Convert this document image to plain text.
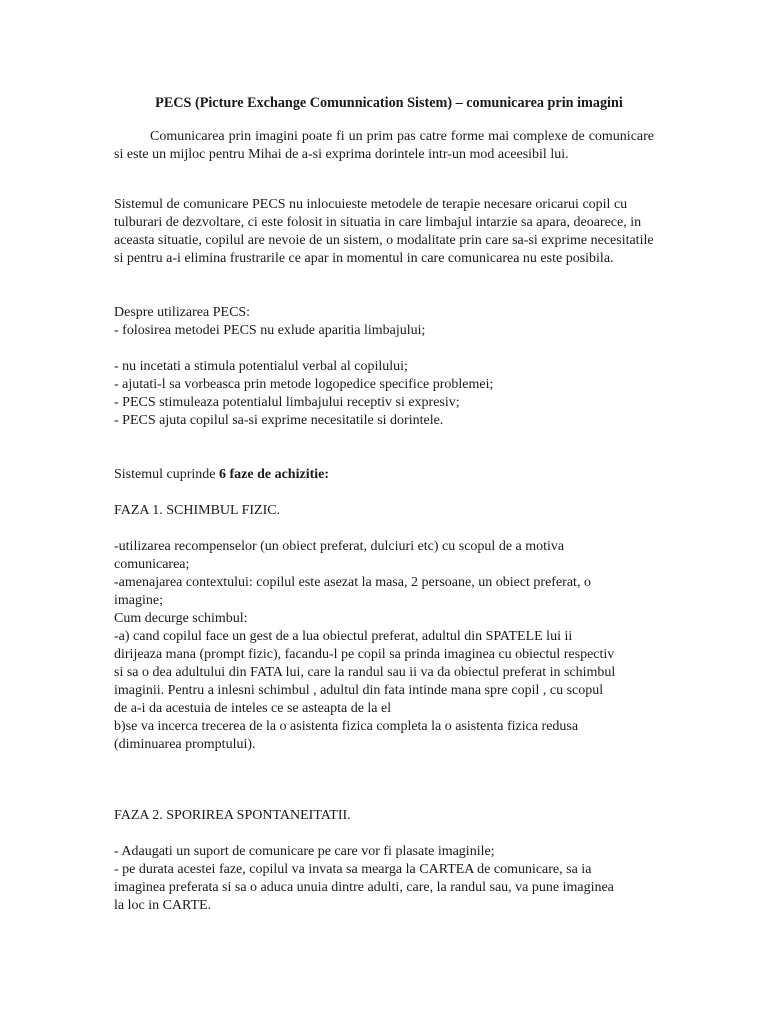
PECS (Picture Exchange Comunnication Sistem) – comunicarea prin imagini
Comunicarea prin imagini poate fi un prim pas catre forme mai complexe de comunicare si este un mijloc pentru Mihai de a-si exprima dorintele intr-un mod aceesibil lui.
Sistemul de comunicare PECS nu inlocuieste metodele de terapie necesare oricarui copil cu tulburari de dezvoltare, ci este folosit in situatia in care limbajul intarzie sa apara, deoarece, in aceasta situatie, copilul are nevoie de un sistem, o modalitate prin care sa-si exprime necesitatile si pentru a-i elimina frustrarile ce apar in momentul in care comunicarea nu este posibila.
Despre utilizarea PECS:
- folosirea metodei PECS nu exlude aparitia limbajului;
- nu incetati a stimula potentialul verbal al copilului;
- ajutati-l sa vorbeasca prin metode logopedice specifice problemei;
- PECS stimuleaza potentialul limbajului receptiv si expresiv;
- PECS ajuta copilul sa-si exprime necesitatile si dorintele.
Sistemul cuprinde 6 faze de achizitie:
FAZA 1. SCHIMBUL FIZIC.
-utilizarea recompenselor (un obiect preferat, dulciuri etc) cu scopul de a motiva
comunicarea;
-amenajarea contextului: copilul este asezat la masa, 2 persoane, un obiect preferat, o
imagine;
Cum decurge schimbul:
-a) cand copilul face un gest de a lua obiectul preferat, adultul din SPATELE lui ii
dirijeaza mana (prompt fizic), facandu-l pe copil sa prinda imaginea cu obiectul respectiv
si sa o dea adultului din FATA lui, care la randul sau ii va da obiectul preferat in schimbul
imaginii. Pentru a inlesni schimbul , adultul din fata intinde mana spre copil , cu scopul
de a-i da acestuia de inteles ce se asteapta de la el
b)se va incerca trecerea de la o asistenta fizica completa la o asistenta fizica redusa
(diminuarea promptului).
FAZA 2. SPORIREA SPONTANEITATII.
- Adaugati un suport de comunicare pe care vor fi plasate imaginile;
- pe durata acestei faze, copilul va invata sa mearga la CARTEA de comunicare, sa ia
imaginea preferata si sa o aduca unuia dintre adulti, care, la randul sau, va pune imaginea
la loc in CARTE.
